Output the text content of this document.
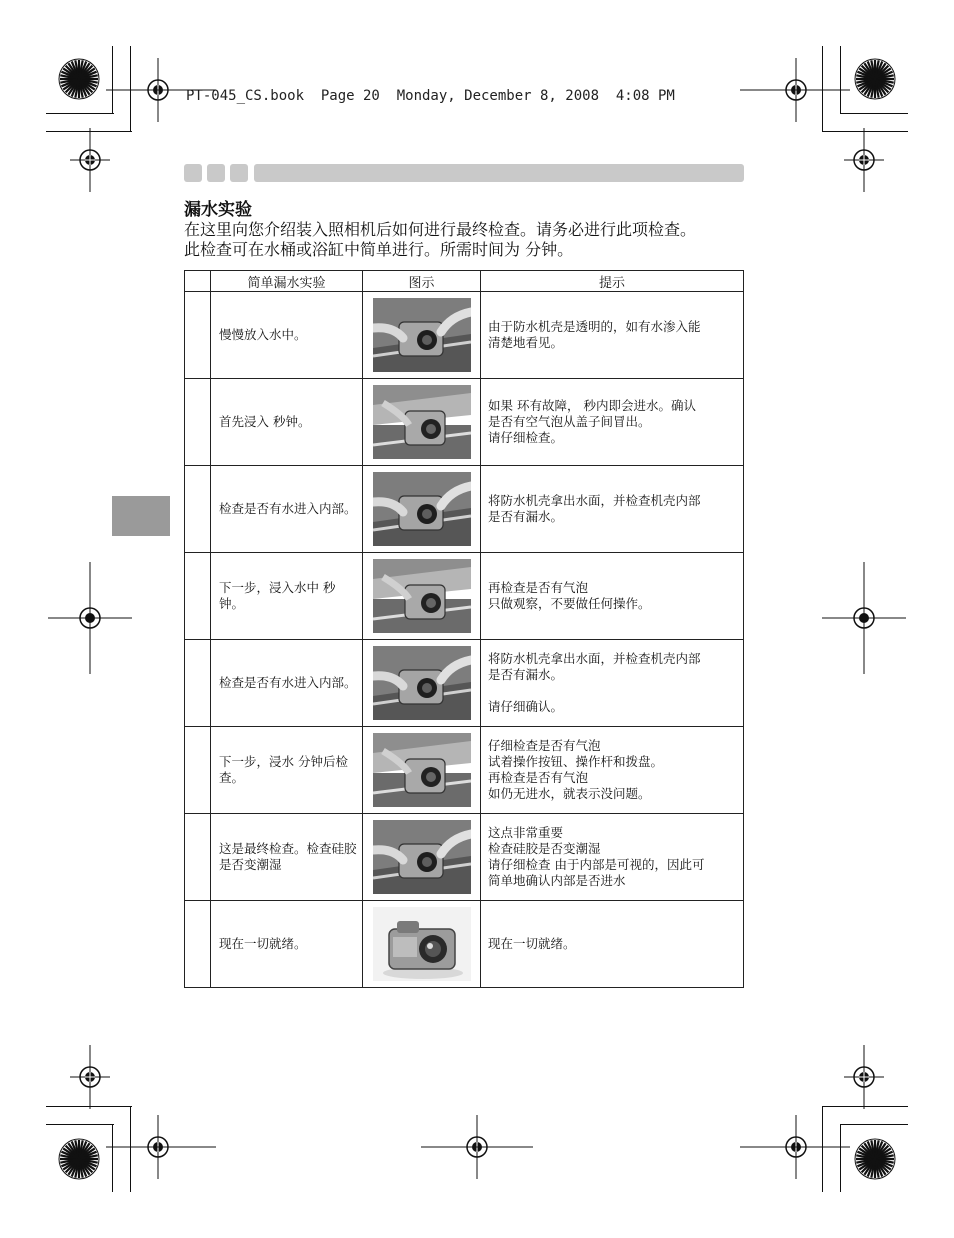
PT-045_CS.book  Page 20  Monday, December 8, 2008  4:08 PM
漏水实验
在这里向您介绍装入照相机后如何进行最终检查。请务必进行此项检查。
此检查可在水桶或浴缸中简单进行。所需时间为 分钟。
	简单漏水实验	图示	提示
	慢慢放入水中。		由于防水机壳是透明的，如有水渗入能
清楚地看见。

	首先浸入 秒钟。		如果 环有故障， 秒内即会进水。确认
是否有空气泡从盖子间冒出。
请仔细检查。

	检查是否有水进入内部。		将防水机壳拿出水面，并检查机壳内部
是否有漏水。

	下一步，浸入水中 秒钟。		再检查是否有气泡
只做观察，不要做任何操作。

	检查是否有水进入内部。		将防水机壳拿出水面，并检查机壳内部
是否有漏水。

请仔细确认。

	下一步，浸水 分钟后检查。		仔细检查是否有气泡
试着操作按钮、操作杆和拨盘。
再检查是否有气泡
如仍无进水，就表示没问题。

	这是最终检查。检查硅胶是否变潮湿		这点非常重要
检查硅胶是否变潮湿
请仔细检查 由于内部是可视的，因此可
简单地确认内部是否进水

	现在一切就绪。		现在一切就绪。
